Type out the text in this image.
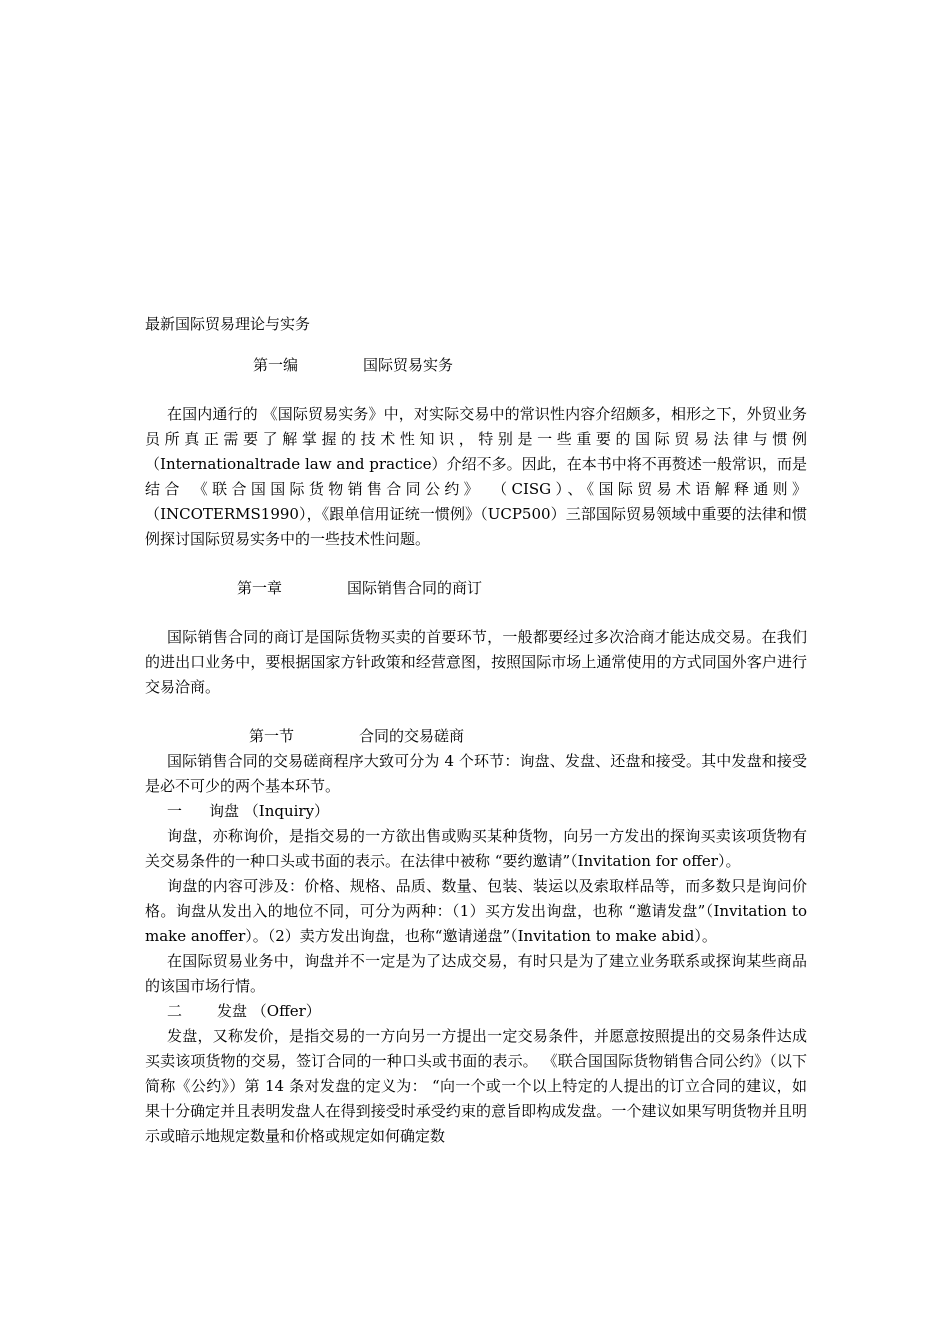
最新国际贸易理论与实务

第一编	国际贸易实务

在国内通行的 《国际贸易实务》中，对实际交易中的常识性内容介绍颇多，相形之下，外贸业务员所真正需要了解掌握的技术性知识，特别是一些重要的国际贸易法律与惯例（Internationaltrade law and practice）介绍不多。因此，在本书中将不再赘述一般常识，而是结合 《联合国国际货物销售合同公约》 （CISG）、《国际贸易术语解释通则》（INCOTERMS1990），《跟单信用证统一惯例》（UCP500）三部国际贸易领域中重要的法律和惯例探讨国际贸易实务中的一些技术性问题。

第一章	国际销售合同的商订

国际销售合同的商订是国际货物买卖的首要环节，一般都要经过多次洽商才能达成交易。在我们的进出口业务中，要根据国家方针政策和经营意图，按照国际市场上通常使用的方式同国外客户进行交易洽商。

第一节	合同的交易磋商

国际销售合同的交易磋商程序大致可分为 4 个环节：询盘、发盘、还盘和接受。其中发盘和接受是必不可少的两个基本环节。

一 询盘 （Inquiry）

询盘，亦称询价，是指交易的一方欲出售或购买某种货物，向另一方发出的探询买卖该项货物有关交易条件的一种口头或书面的表示。在法律中被称 “要约邀请”（Invitation for offer）。

询盘的内容可涉及：价格、规格、品质、数量、包装、装运以及索取样品等，而多数只是询问价格。询盘从发出入的地位不同，可分为两种：（1）买方发出询盘，也称 “邀请发盘”（Invitation to make anoffer）。（2）卖方发出询盘，也称“邀请递盘”（Invitation to make abid）。

在国际贸易业务中，询盘并不一定是为了达成交易，有时只是为了建立业务联系或探询某些商品的该国市场行情。

二 发盘 （Offer）

发盘，又称发价，是指交易的一方向另一方提出一定交易条件，并愿意按照提出的交易条件达成买卖该项货物的交易，签订合同的一种口头或书面的表示。 《联合国国际货物销售合同公约》（以下简称《公约》）第 14 条对发盘的定义为： “向一个或一个以上特定的人提出的订立合同的建议，如果十分确定并且表明发盘人在得到接受时承受约束的意旨即构成发盘。一个建议如果写明货物并且明示或暗示地规定数量和价格或规定如何确定数
